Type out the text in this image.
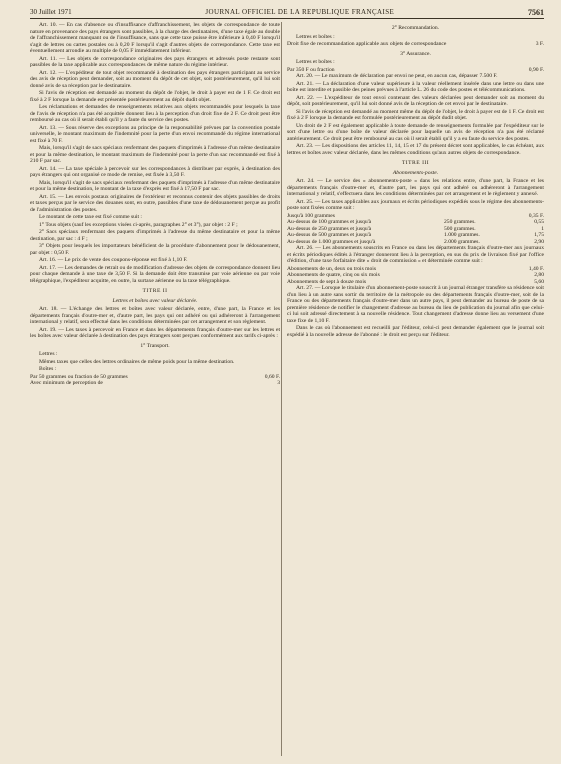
30 Juillet 1971	JOURNAL OFFICIEL DE LA REPUBLIQUE FRANÇAISE	7561

Art. 10. — En cas d'absence ou d'insuffisance d'affranchissement, les objets de correspondance de toute nature en provenance des pays étrangers sont passibles, à la charge des destinataires, d'une taxe égale au double de l'affranchissement manquant ou de l'insuffisance, sans que cette taxe puisse être inférieure à 0,40 F lorsqu'il s'agit de lettres ou cartes postales ou à 0,20 F lorsqu'il s'agit d'autres objets de correspondance. Cette taxe est éventuellement arrondie au multiple de 0,05 F immédiatement inférieur.

Art. 11. — Les objets de correspondance originaires des pays étrangers et adressés poste restante sont passibles de la taxe applicable aux correspondances de même nature du régime intérieur.

Art. 12. — L'expéditeur de tout objet recommandé à destination des pays étrangers participant au service des avis de réception peut demander, soit au moment du dépôt de cet objet, soit postérieurement, qu'il lui soit donné avis de sa réception par le destinataire.

Si l'avis de réception est demandé au moment du dépôt de l'objet, le droit à payer est de 1 F. Ce droit est fixé à 2 F lorsque la demande est présentée postérieurement au dépôt dudit objet.

Les réclamations et demandes de renseignements relatives aux objets recommandés pour lesquels la taxe de l'avis de réception n'a pas été acquittée donnent lieu à la perception d'un droit fixe de 2 F. Ce droit peut être remboursé au cas où il serait établi qu'il y a faute du service des postes.

Art. 13. — Sous réserve des exceptions au principe de la responsabilité prévues par la convention postale universelle, le montant maximum de l'indemnité pour la perte d'un envoi recommandé du régime international est fixé à 70 F.

Mais, lorsqu'il s'agit de sacs spéciaux renfermant des paquets d'imprimés à l'adresse d'un même destinataire et pour la même destination, le montant maximum de l'indemnité pour la perte d'un sac recommandé est fixé à 210 F par sac.

Art. 14. — La taxe spéciale à percevoir sur les correspondances à distribuer par exprès, à destination des pays étrangers qui ont organisé ce mode de remise, est fixée à 3,50 F.

Mais, lorsqu'il s'agit de sacs spéciaux renfermant des paquets d'imprimés à l'adresse d'un même destinataire et pour la même destination, le montant de la taxe d'exprès est fixé à 17,50 F par sac.

Art. 15. — Les envois postaux originaires de l'extérieur et reconnus contenir des objets passibles de droits et taxes perçus par le service des douanes sont, en outre, passibles d'une taxe de dédouanement perçue au profit de l'administration des postes.

Le montant de cette taxe est fixé comme suit :

1° Tous objets (sauf les exceptions visées ci-après, paragraphes 2° et 3°), par objet : 2 F ;

2° Sacs spéciaux renfermant des paquets d'imprimés à l'adresse du même destinataire et pour la même destination, par sac : 4 F ;

3° Objets pour lesquels les importateurs bénéficient de la procédure d'abonnement pour le dédouanement, par objet : 0,50 F.

Art. 16. — Le prix de vente des coupons-réponse est fixé à 1,10 F.

Art. 17. — Les demandes de retrait ou de modification d'adresse des objets de correspondance donnent lieu pour chaque demande à une taxe de 3,50 F. Si la demande doit être transmise par voie aérienne ou par voie télégraphique, l'expéditeur acquitte, en outre, la surtaxe aérienne ou la taxe télégraphique.

TITRE II
Lettres et boîtes avec valeur déclarée.

Art. 18. — L'échange des lettres et boîtes avec valeur déclarée, entre, d'une part, la France et les départements français d'outre-mer et, d'autre part, les pays qui ont adhéré ou qui adhéreront à l'arrangement international y relatif, sera effectué dans les conditions déterminées par cet arrangement et son règlement.

Art. 19. — Les taxes à percevoir en France et dans les départements français d'outre-mer sur les lettres et les boîtes avec valeur déclarée à destination des pays étrangers sont perçues conformément aux tarifs ci-après :

1° Transport.

Lettres :

Mêmes taxes que celles des lettres ordinaires de même poids pour la même destination.

Boîtes :

Par 50 grammes ou fraction de 50 grammes	0,60 F.
Avec minimum de perception de	3
2° Recommandation.

Lettres et boîtes :

Droit fixe de recommandation applicable aux objets de correspondance	3 F.
3° Assurance.

Lettres et boîtes :

Par 350 F ou fraction	0,90 F.

Art. 20. — Le maximum de déclaration par envoi ne peut, en aucun cas, dépasser 7.500 F.

Art. 21. — La déclaration d'une valeur supérieure à la valeur réellement insérée dans une lettre ou dans une boîte est interdite et passible des peines prévues à l'article L. 26 du code des postes et télécommunications.

Art. 22. — L'expéditeur de tout envoi contenant des valeurs déclarées peut demander soit au moment du dépôt, soit postérieurement, qu'il lui soit donné avis de la réception de cet envoi par le destinataire.

Si l'avis de réception est demandé au moment même du dépôt de l'objet, le droit à payer est de 1 F. Ce droit est fixé à 2 F lorsque la demande est formulée postérieurement au dépôt dudit objet.

Un droit de 2 F est également applicable à toute demande de renseignements formulée par l'expéditeur sur le sort d'une lettre ou d'une boîte de valeur déclarée pour laquelle un avis de réception n'a pas été réclamé antérieurement. Ce droit peut être remboursé au cas où il serait établi qu'il y a eu faute du service des postes.

Art. 23. — Les dispositions des articles 11, 14, 15 et 17 du présent décret sont applicables, le cas échéant, aux lettres et boîtes avec valeur déclarée, dans les mêmes conditions qu'aux autres objets de correspondance.

TITRE III
Abonnements-poste.

Art. 24. — Le service des « abonnements-poste » dans les relations entre, d'une part, la France et les départements français d'outre-mer et, d'autre part, les pays qui ont adhéré ou adhéreront à l'arrangement international y relatif, s'effectuera dans les conditions déterminées par cet arrangement et le règlement y annexé.

Art. 25. — Les taxes applicables aux journaux et écrits périodiques expédiés sous le régime des abonnements-poste sont fixées comme suit :

Jusqu'à 100 grammes	0,35 F.
Au-dessus de 100 grammes et jusqu'à	250 grammes.	0,55
Au-dessus de 250 grammes et jusqu'à	500 grammes.	1
Au-dessus de 500 grammes et jusqu'à	1.000 grammes.	1,75
Au-dessus de 1.000 grammes et jusqu'à	2.000 grammes.	2,90

Art. 26. — Les abonnements souscrits en France ou dans les départements français d'outre-mer aux journaux et écrits périodiques édités à l'étranger donneront lieu à la perception, en sus du prix de livraison fixé par l'office d'édition, d'une taxe forfaitaire dite « droit de commission » et déterminée comme suit :

Abonnements de un, deux ou trois mois	1,40 F.
Abonnements de quatre, cinq ou six mois	2,80
Abonnements de sept à douze mois	5,60

Art. 27. — Lorsque le titulaire d'un abonnement-poste souscrit à un journal étranger transfère sa résidence soit d'un lieu à un autre sans sortir du territoire de la métropole ou des départements français d'outre-mer, soit de la France ou des départements français d'outre-mer dans un autre pays, il peut demander au bureau de poste de sa première résidence de notifier le changement d'adresse au bureau du lieu de publication du journal afin que celui-ci lui soit adressé directement à sa nouvelle résidence. Tout changement d'adresse donne lieu au versement d'une taxe fixe de 1,10 F.

Dans le cas où l'abonnement est recueilli par l'éditeur, celui-ci peut demander également que le journal soit expédié à la nouvelle adresse de l'abonné : le droit est perçu sur l'éditeur.
